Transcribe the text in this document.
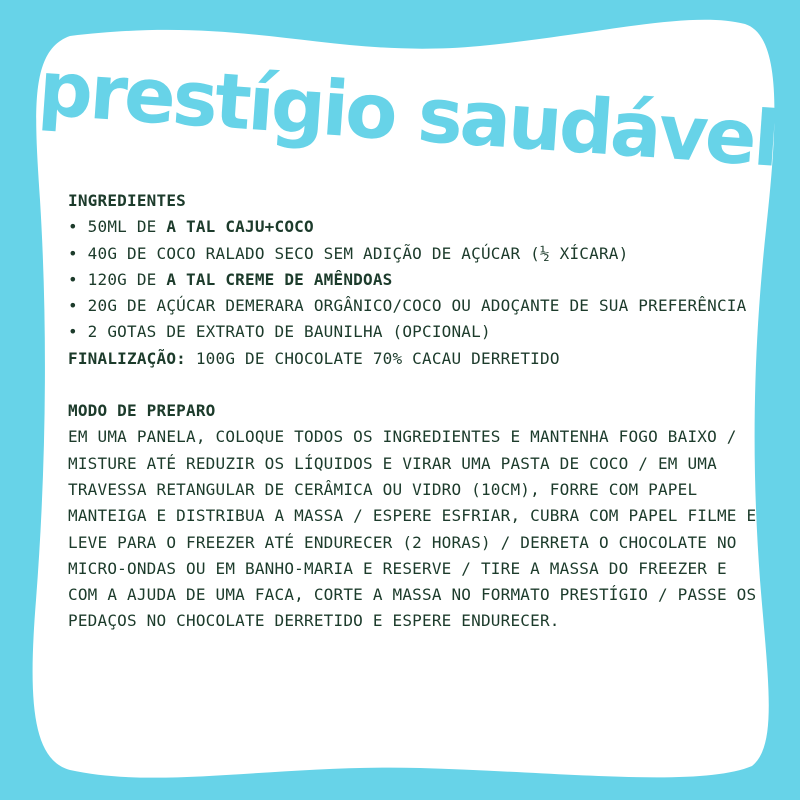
prestígio saudável

INGREDIENTES

• 50ML DE A TAL CAJU+COCO

• 40G DE COCO RALADO SECO SEM ADIÇÃO DE AÇÚCAR (½ XÍCARA)

• 120G DE A TAL CREME DE AMÊNDOAS

• 20G DE AÇÚCAR DEMERARA ORGÂNICO/COCO OU ADOÇANTE DE SUA PREFERÊNCIA

• 2 GOTAS DE EXTRATO DE BAUNILHA (OPCIONAL)

FINALIZAÇÃO: 100G DE CHOCOLATE 70% CACAU DERRETIDO

MODO DE PREPARO

EM UMA PANELA, COLOQUE TODOS OS INGREDIENTES E MANTENHA FOGO BAIXO / MISTURE ATÉ REDUZIR OS LÍQUIDOS E VIRAR UMA PASTA DE COCO / EM UMA TRAVESSA RETANGULAR DE CERÂMICA OU VIDRO (10CM), FORRE COM PAPEL MANTEIGA E DISTRIBUA A MASSA / ESPERE ESFRIAR, CUBRA COM PAPEL FILME E LEVE PARA O FREEZER ATÉ ENDURECER (2 HORAS) / DERRETA O CHOCOLATE NO MICRO-ONDAS OU EM BANHO-MARIA E RESERVE / TIRE A MASSA DO FREEZER E COM A AJUDA DE UMA FACA, CORTE A MASSA NO FORMATO PRESTÍGIO / PASSE OS PEDAÇOS NO CHOCOLATE DERRETIDO E ESPERE ENDURECER.
